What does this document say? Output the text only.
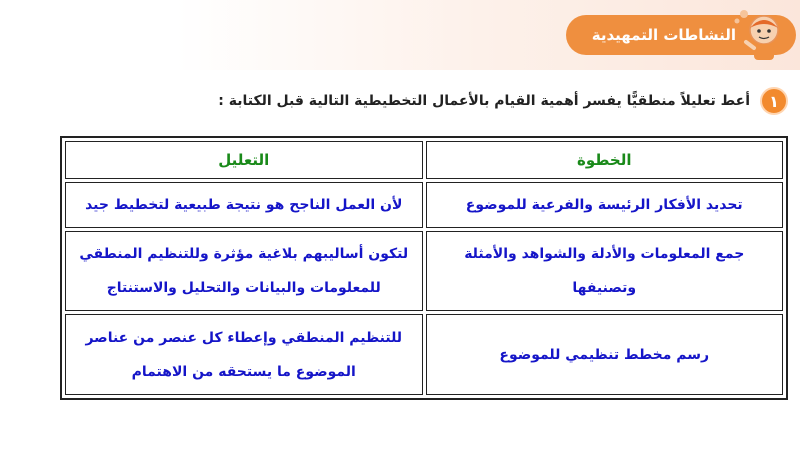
النشاطات التمهيدية
١
أعط تعليلاً منطقيًّا يفسر أهمية القيام بالأعمال التخطيطية التالية قبل الكتابة :
الخطوة	التعليل
تحديد الأفكار الرئيسة والفرعية للموضوع	لأن العمل الناجح هو نتيجة طبيعية لتخطيط جيد
جمع المعلومات والأدلة والشواهد والأمثلة وتصنيفها	لتكون أساليبهم بلاغية مؤثرة وللتنظيم المنطقي للمعلومات والبيانات والتحليل والاستنتاج
رسم مخطط تنظيمي للموضوع	للتنظيم المنطقي وإعطاء كل عنصر من عناصر الموضوع ما يستحقه من الاهتمام
